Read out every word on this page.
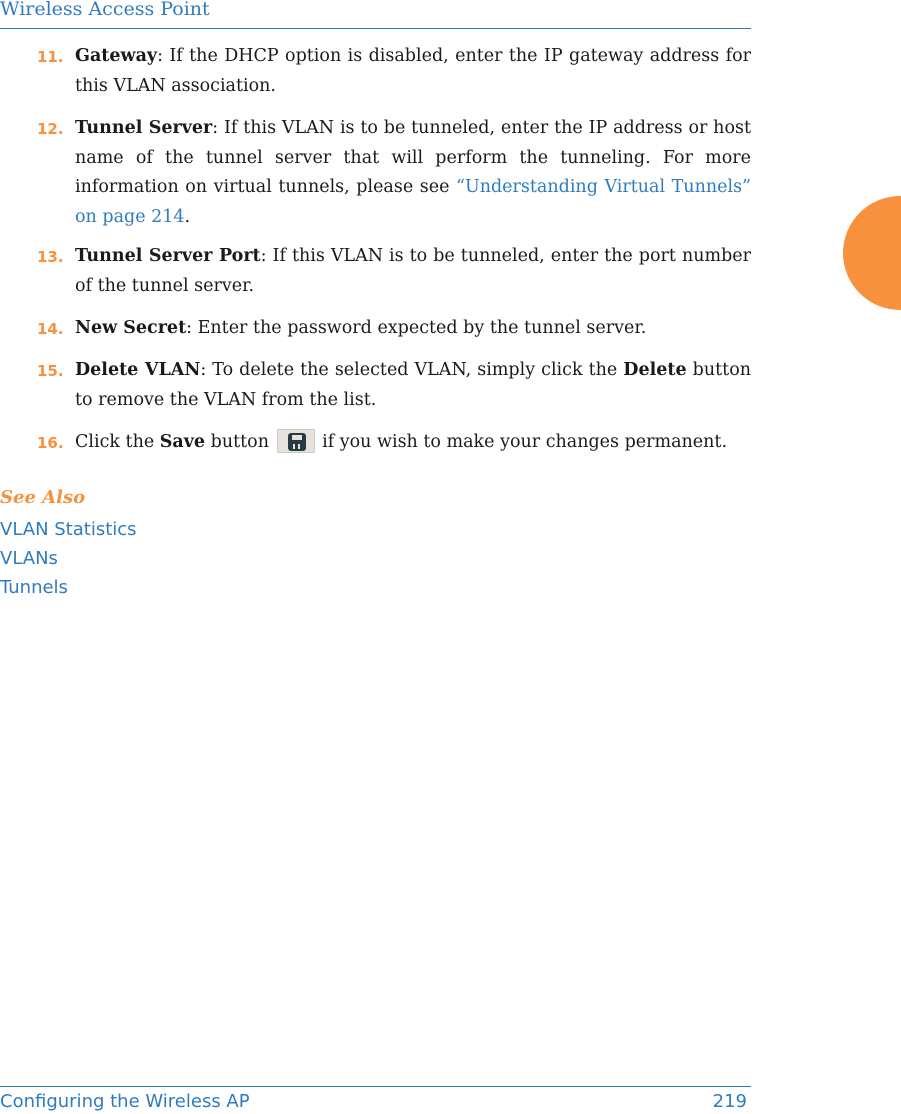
Wireless Access Point
11. Gateway: If the DHCP option is disabled, enter the IP gateway address for this VLAN association.
12. Tunnel Server: If this VLAN is to be tunneled, enter the IP address or host name of the tunnel server that will perform the tunneling. For more information on virtual tunnels, please see “Understanding Virtual Tunnels” on page 214.
13. Tunnel Server Port: If this VLAN is to be tunneled, enter the port number of the tunnel server.
14. New Secret: Enter the password expected by the tunnel server.
15. Delete VLAN: To delete the selected VLAN, simply click the Delete button to remove the VLAN from the list.
16. Click the Save button
if you wish to make your changes permanent.
See Also
VLAN Statistics
VLANs
Tunnels
Configuring the Wireless AP	219
